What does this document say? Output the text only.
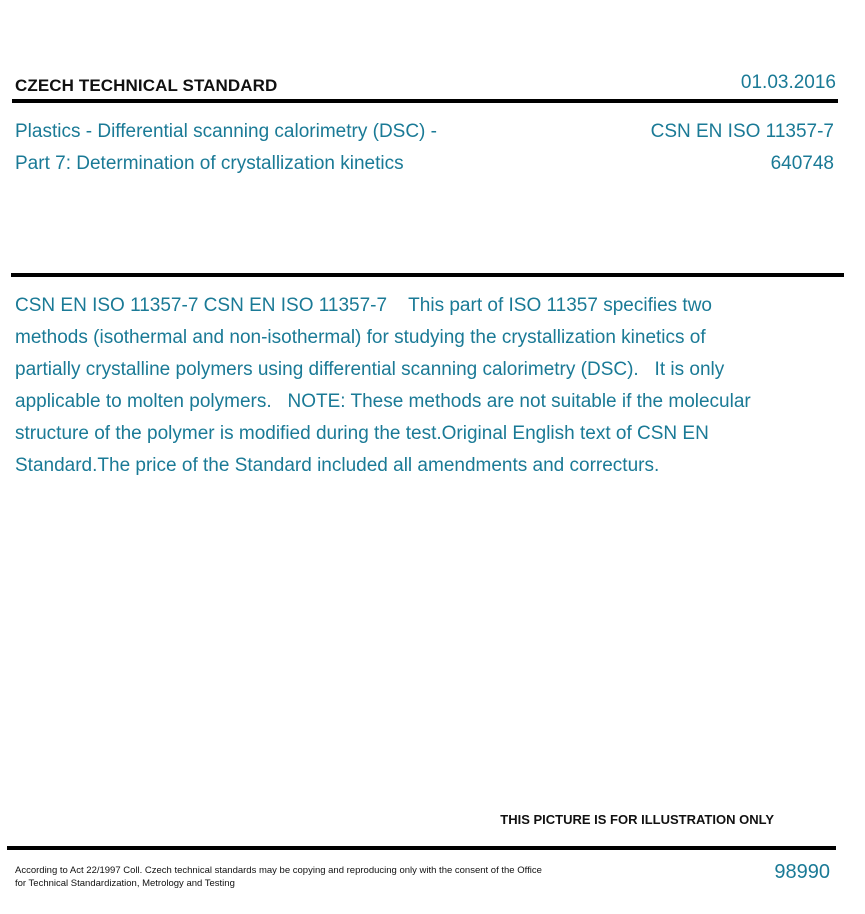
CZECH TECHNICAL STANDARD	01.03.2016
Plastics - Differential scanning calorimetry (DSC) -
Part 7: Determination of crystallization kinetics
CSN EN ISO 11357-7
640748
CSN EN ISO 11357-7 CSN EN ISO 11357-7    This part of ISO 11357 specifies two methods (isothermal and non-isothermal) for studying the crystallization kinetics of partially crystalline polymers using differential scanning calorimetry (DSC).   It is only applicable to molten polymers.   NOTE: These methods are not suitable if the molecular structure of the polymer is modified during the test.Original English text of CSN EN Standard.The price of the Standard included all amendments and correcturs.
THIS PICTURE IS FOR ILLUSTRATION ONLY
According to Act 22/1997 Coll. Czech technical standards may be copying and reproducing only with the consent of the Office
for Technical Standardization, Metrology and Testing
98990
